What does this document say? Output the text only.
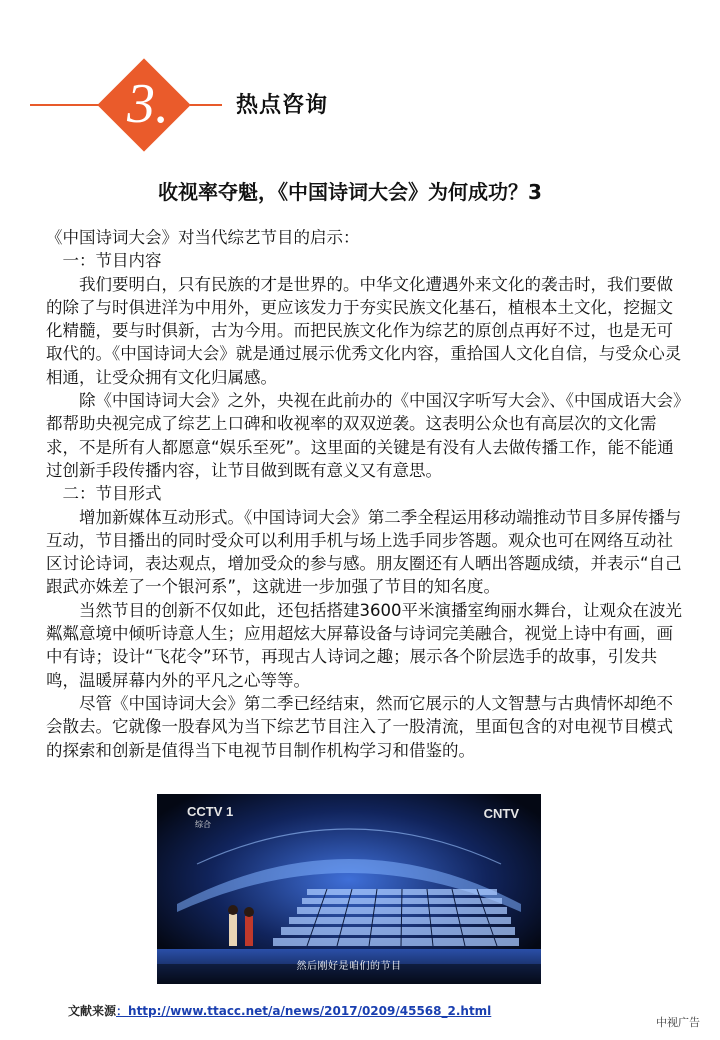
3.	热点咨询
收视率夺魁，《中国诗词大会》为何成功？3

《中国诗词大会》对当代综艺节目的启示：

一：节目内容

我们要明白，只有民族的才是世界的。中华文化遭遇外来文化的袭击时，我们要做的除了与时俱进洋为中用外，更应该发力于夯实民族文化基石，植根本土文化，挖掘文化精髓，要与时俱新，古为今用。而把民族文化作为综艺的原创点再好不过，也是无可取代的。《中国诗词大会》就是通过展示优秀文化内容，重拾国人文化自信，与受众心灵相通，让受众拥有文化归属感。

除《中国诗词大会》之外，央视在此前办的《中国汉字听写大会》、《中国成语大会》都帮助央视完成了综艺上口碑和收视率的双双逆袭。这表明公众也有高层次的文化需求，不是所有人都愿意“娱乐至死”。这里面的关键是有没有人去做传播工作，能不能通过创新手段传播内容，让节目做到既有意义又有意思。

二：节目形式

增加新媒体互动形式。《中国诗词大会》第二季全程运用移动端推动节目多屏传播与互动，节目播出的同时受众可以利用手机与场上选手同步答题。观众也可在网络互动社区讨论诗词，表达观点，增加受众的参与感。朋友圈还有人晒出答题成绩，并表示“自己跟武亦姝差了一个银河系”，这就进一步加强了节目的知名度。

当然节目的创新不仅如此，还包括搭建3600平米演播室绚丽水舞台，让观众在波光粼粼意境中倾听诗意人生；应用超炫大屏幕设备与诗词完美融合，视觉上诗中有画，画中有诗；设计“飞花令”环节，再现古人诗词之趣；展示各个阶层选手的故事，引发共鸣，温暖屏幕内外的平凡之心等等。

尽管《中国诗词大会》第二季已经结束，然而它展示的人文智慧与古典情怀却绝不会散去。它就像一股春风为当下综艺节目注入了一股清流，里面包含的对电视节目模式的探索和创新是值得当下电视节目制作机构学习和借鉴的。

CCTV 1
综合
CNTV
然后刚好是咱们的节目
文献来源：http://www.ttacc.net/a/news/2017/0209/45568_2.html
中视广告
